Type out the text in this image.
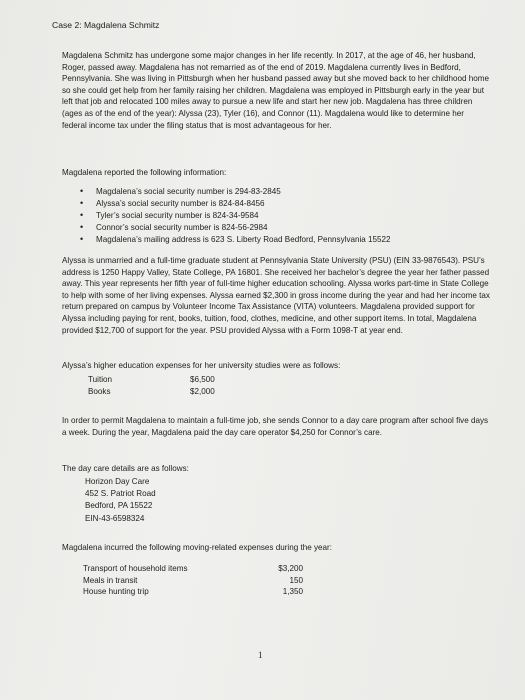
Case 2: Magdalena Schmitz

Magdalena Schmitz has undergone some major changes in her life recently. In 2017, at the age of 46, her husband, Roger, passed away. Magdalena has not remarried as of the end of 2019. Magdalena currently lives in Bedford, Pennsylvania. She was living in Pittsburgh when her husband passed away but she moved back to her childhood home so she could get help from her family raising her children. Magdalena was employed in Pittsburgh early in the year but left that job and relocated 100 miles away to pursue a new life and start her new job. Magdalena has three children (ages as of the end of the year): Alyssa (23), Tyler (16), and Connor (11). Magdalena would like to determine her federal income tax under the filing status that is most advantageous for her.

Magdalena reported the following information:

• Magdalena’s social security number is 294-83-2845
• Alyssa’s social security number is 824-84-8456
• Tyler’s social security number is 824-34-9584
• Connor’s social security number is 824-56-2984
• Magdalena’s mailing address is 623 S. Liberty Road Bedford, Pennsylvania 15522

Alyssa is unmarried and a full-time graduate student at Pennsylvania State University (PSU) (EIN 33-9876543). PSU’s address is 1250 Happy Valley, State College, PA 16801. She received her bachelor’s degree the year her father passed away. This year represents her fifth year of full-time higher education schooling. Alyssa works part-time in State College to help with some of her living expenses. Alyssa earned $2,300 in gross income during the year and had her income tax return prepared on campus by Volunteer Income Tax Assistance (VITA) volunteers. Magdalena provided support for Alyssa including paying for rent, books, tuition, food, clothes, medicine, and other support items. In total, Magdalena provided $12,700 of support for the year. PSU provided Alyssa with a Form 1098-T at year end.

Alyssa’s higher education expenses for her university studies were as follows:

Tuition	$6,500
Books	$2,000

In order to permit Magdalena to maintain a full-time job, she sends Connor to a day care program after school five days a week. During the year, Magdalena paid the day care operator $4,250 for Connor’s care.

The day care details are as follows:

Horizon Day Care
452 S. Patriot Road
Bedford, PA 15522
EIN-43-6598324

Magdalena incurred the following moving-related expenses during the year:

Transport of household items	$3,200
Meals in transit	150
House hunting trip	1,350
1
